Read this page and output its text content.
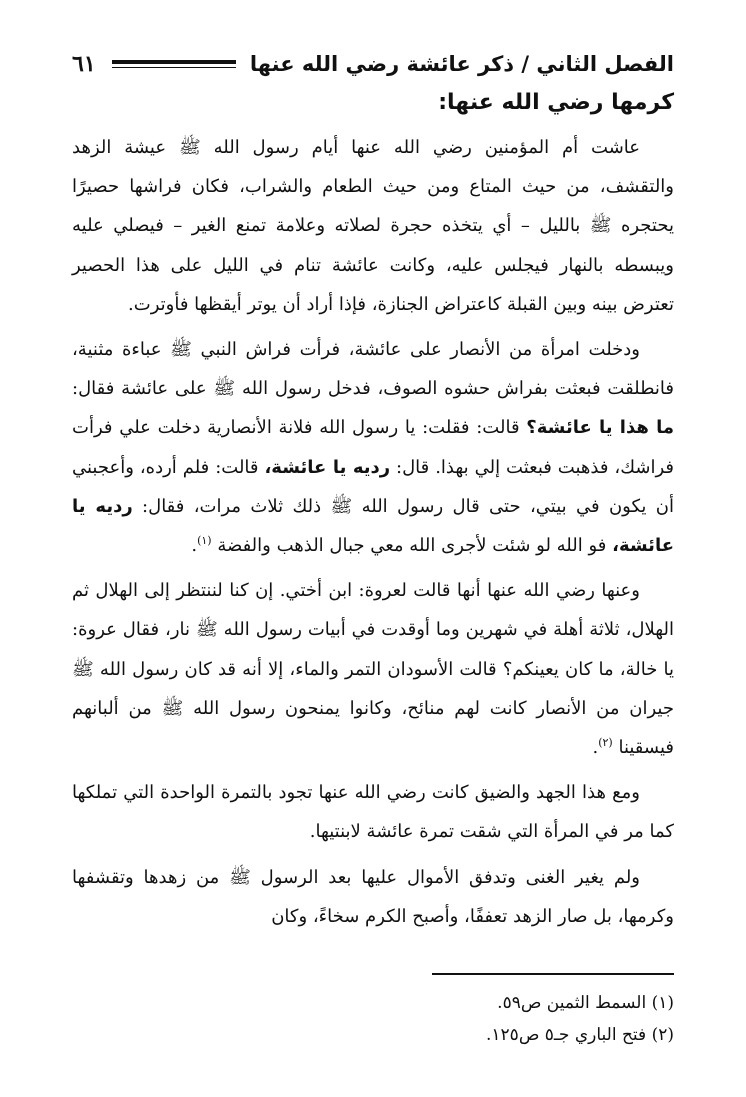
الفصل الثاني / ذكر عائشة رضي الله عنها
٦١
كرمها رضي الله عنها:

عاشت أم المؤمنين رضي الله عنها أيام رسول الله ﷺ عيشة الزهد والتقشف، من حيث المتاع ومن حيث الطعام والشراب، فكان فراشها حصيرًا يحتجره ﷺ بالليل – أي يتخذه حجرة لصلاته وعلامة تمنع الغير – فيصلي عليه ويبسطه بالنهار فيجلس عليه، وكانت عائشة تنام في الليل على هذا الحصير تعترض بينه وبين القبلة كاعتراض الجنازة، فإذا أراد أن يوتر أيقظها فأوترت.

ودخلت امرأة من الأنصار على عائشة، فرأت فراش النبي ﷺ عباءة مثنية، فانطلقت فبعثت بفراش حشوه الصوف، فدخل رسول الله ﷺ على عائشة فقال: ما هذا يا عائشة؟ قالت: فقلت: يا رسول الله فلانة الأنصارية دخلت علي فرأت فراشك، فذهبت فبعثت إلي بهذا. قال: رديه يا عائشة، قالت: فلم أرده، وأعجبني أن يكون في بيتي، حتى قال رسول الله ﷺ ذلك ثلاث مرات، فقال: رديه يا عائشة، فو الله لو شئت لأجرى الله معي جبال الذهب والفضة $^{(١)}$.

وعنها رضي الله عنها أنها قالت لعروة: ابن أختي. إن كنا لننتظر إلى الهلال ثم الهلال، ثلاثة أهلة في شهرين وما أوقدت في أبيات رسول الله ﷺ نار، فقال عروة: يا خالة، ما كان يعينكم؟ قالت الأسودان التمر والماء، إلا أنه قد كان رسول الله ﷺ جيران من الأنصار كانت لهم منائح، وكانوا يمنحون رسول الله ﷺ من ألبانهم فيسقينا $^{(٢)}$.

ومع هذا الجهد والضيق كانت رضي الله عنها تجود بالتمرة الواحدة التي تملكها كما مر في المرأة التي شقت تمرة عائشة لابنتيها.

ولم يغير الغنى وتدفق الأموال عليها بعد الرسول ﷺ من زهدها وتقشفها وكرمها، بل صار الزهد تعففًا، وأصبح الكرم سخاءً، وكان

(١) السمط الثمين ص٥٩.
(٢) فتح الباري جـ٥ ص١٢٥.
